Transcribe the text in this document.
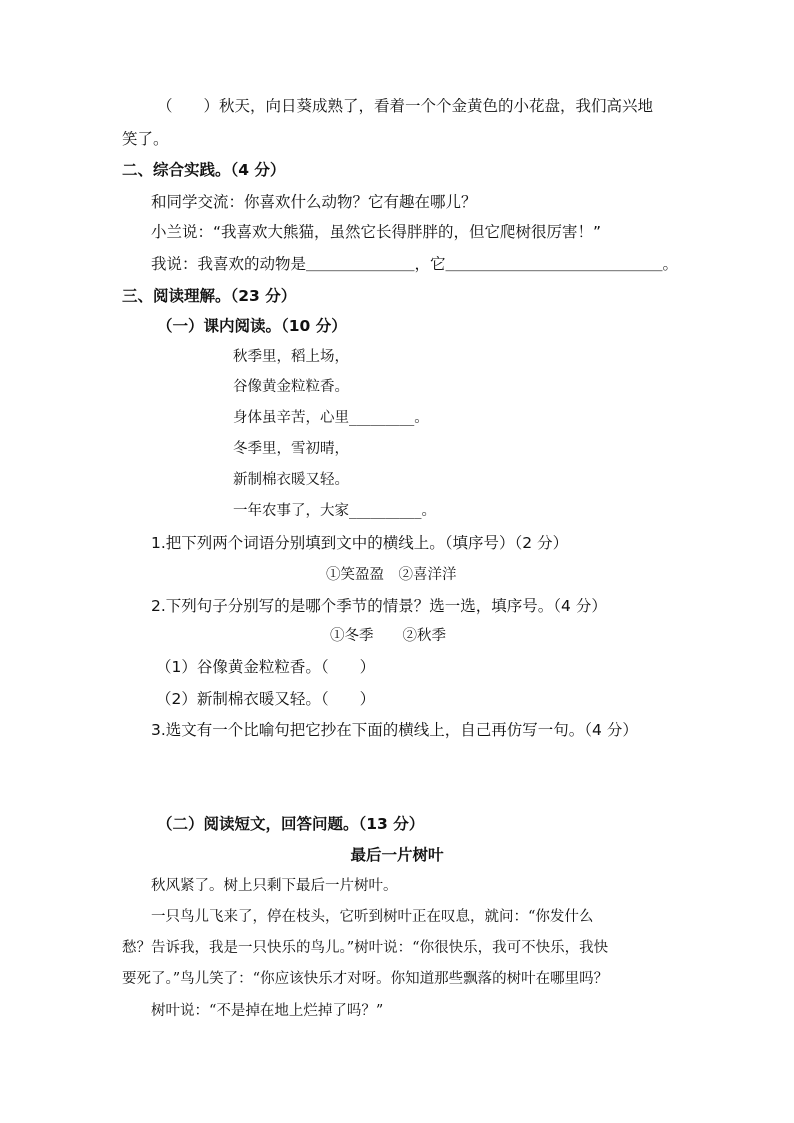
（　　）秋天，向日葵成熟了，看着一个个金黄色的小花盘，我们高兴地
笑了。
二、综合实践。（4 分）
和同学交流：你喜欢什么动物？它有趣在哪儿？
小兰说：“我喜欢大熊猫，虽然它长得胖胖的，但它爬树很厉害！”
我说：我喜欢的动物是＿＿＿＿＿＿＿，它＿＿＿＿＿＿＿＿＿＿＿＿＿＿。
三、阅读理解。（23 分）
（一）课内阅读。（10 分）
秋季里，稻上场，
谷像黄金粒粒香。
身体虽辛苦，心里_________。
冬季里，雪初晴，
新制棉衣暖又轻。
一年农事了，大家__________。
1.把下列两个词语分别填到文中的横线上。（填序号）（2 分）
①笑盈盈　②喜洋洋
2.下列句子分别写的是哪个季节的情景？选一选，填序号。（4 分）
①冬季　　②秋季
（1）谷像黄金粒粒香。（　　）
（2）新制棉衣暖又轻。（　　）
3.选文有一个比喻句把它抄在下面的横线上，自己再仿写一句。（4 分）
（二）阅读短文，回答问题。（13 分）
最后一片树叶
秋风紧了。树上只剩下最后一片树叶。
一只鸟儿飞来了，停在枝头，它听到树叶正在叹息，就问：“你发什么
愁？告诉我，我是一只快乐的鸟儿。”树叶说：“你很快乐，我可不快乐，我快
要死了。”鸟儿笑了：“你应该快乐才对呀。你知道那些飘落的树叶在哪里吗？
树叶说：“不是掉在地上烂掉了吗？”
